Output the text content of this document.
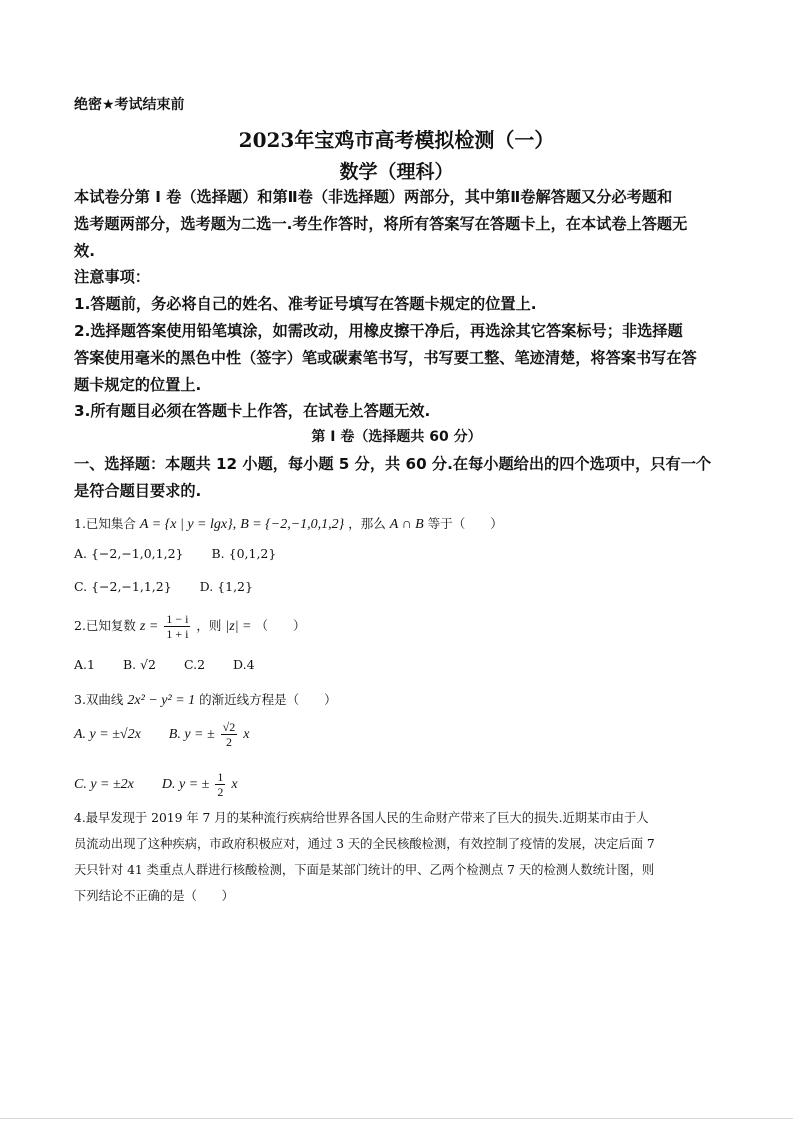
绝密★考试结束前
2023年宝鸡市高考模拟检测（一）
数学（理科）
本试卷分第 I 卷（选择题）和第Ⅱ卷（非选择题）两部分，其中第Ⅱ卷解答题又分必考题和
选考题两部分，选考题为二选一.考生作答时，将所有答案写在答题卡上，在本试卷上答题无
效.
注意事项：
1.答题前，务必将自己的姓名、准考证号填写在答题卡规定的位置上.
2.选择题答案使用铅笔填涂，如需改动，用橡皮擦干净后，再选涂其它答案标号；非选择题
答案使用毫米的黑色中性（签字）笔或碳素笔书写，书写要工整、笔迹清楚，将答案书写在答
题卡规定的位置上.
3.所有题目必须在答题卡上作答，在试卷上答题无效.
第 I 卷（选择题共 60 分）
一、选择题：本题共 12 小题，每小题 5 分，共 60 分.在每小题给出的四个选项中，只有一个
是符合题目要求的.
1.已知集合 A = {x | y = lgx}, B = {−2,−1,0,1,2} ，那么 A ∩ B 等于（　　）
A. {−2,−1,0,1,2} B. {0,1,2}
C. {−2,−1,1,2} D. {1,2}
2.已知复数 $z = \frac{1 - i}{1 + i}$ ，则 |z| = （　　）
A.1 B. √2 C.2 D.4
3.双曲线 2x² − y² = 1 的渐近线方程是（　　）
A. y = ±√2x B. y = ± $\frac{√2}{2}$ x
C. y = ±2x D. y = ± $\frac{1}{2}$ x
4.最早发现于 2019 年 7 月的某种流行疾病给世界各国人民的生命财产带来了巨大的损失.近期某市由于人
员流动出现了这种疾病，市政府积极应对，通过 3 天的全民核酸检测，有效控制了疫情的发展，决定后面 7
天只针对 41 类重点人群进行核酸检测，下面是某部门统计的甲、乙两个检测点 7 天的检测人数统计图，则
下列结论不正确的是（　　）
